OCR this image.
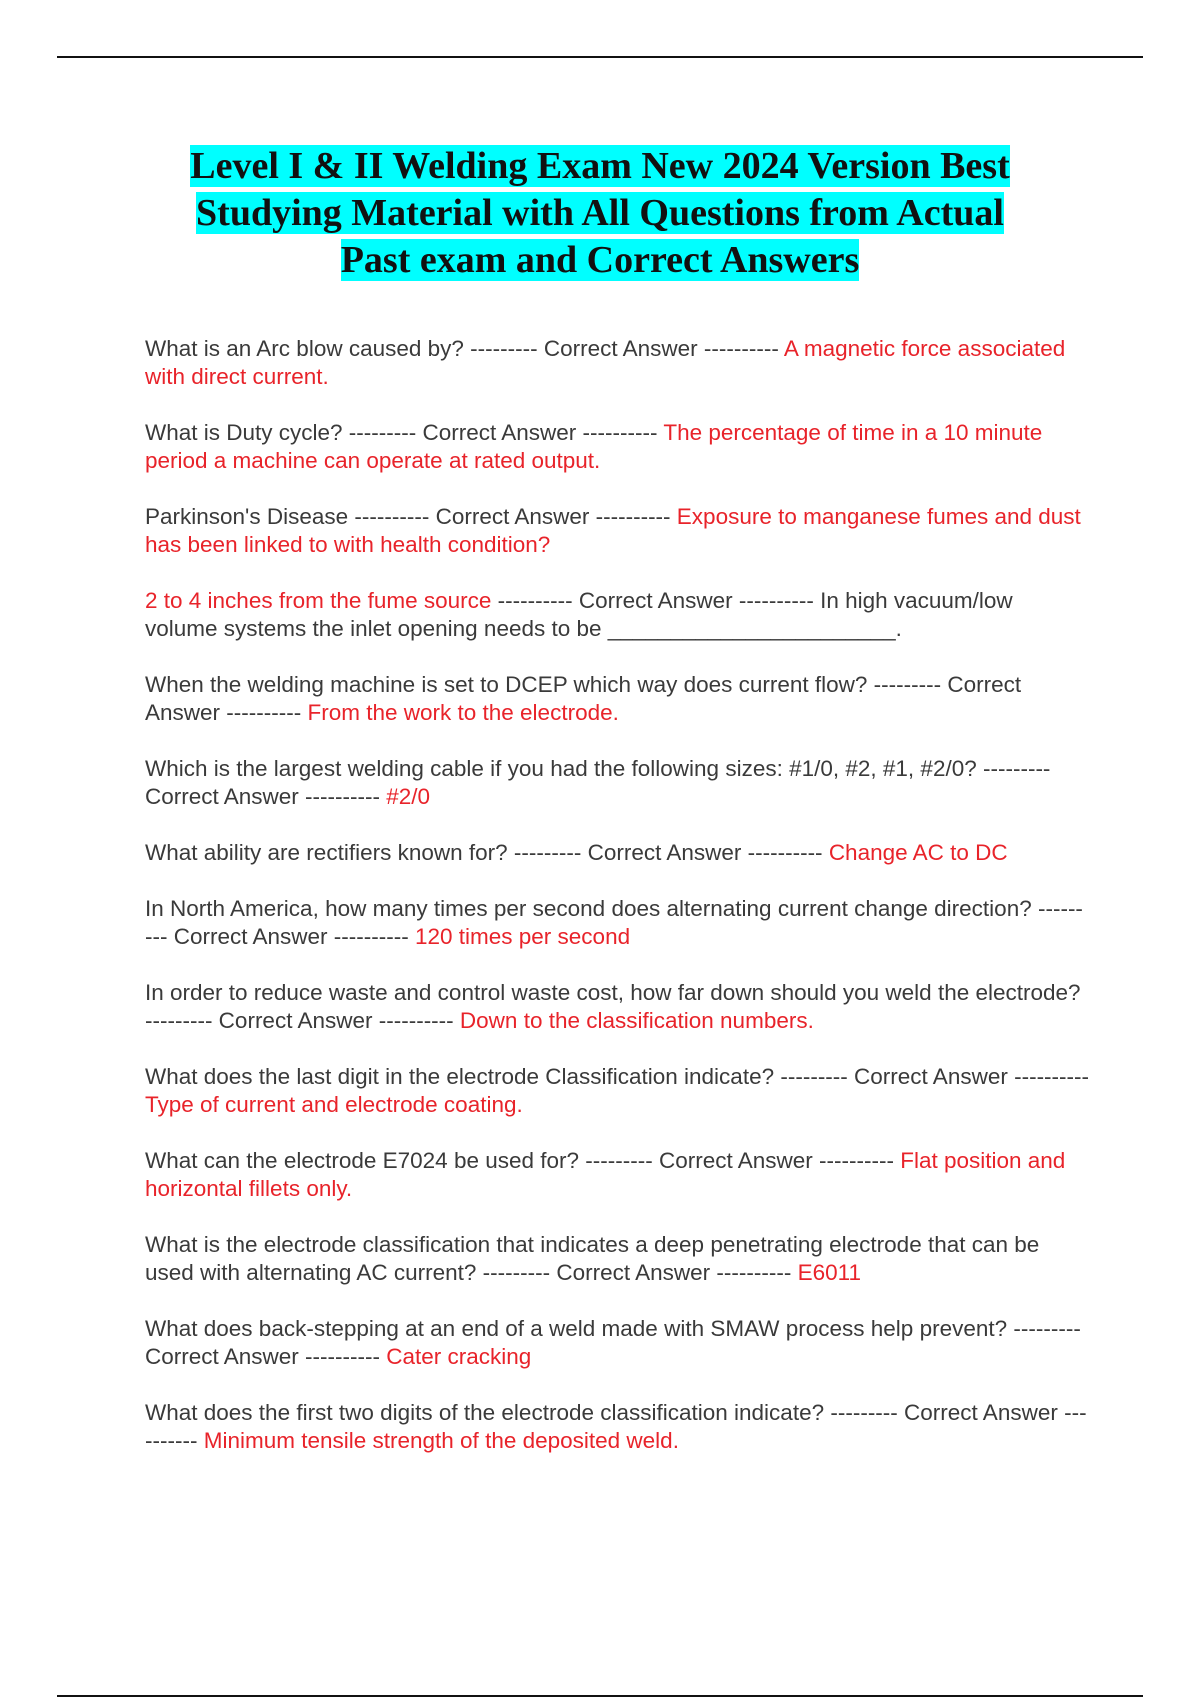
Level I & II Welding Exam New 2024 Version Best
Studying Material with All Questions from Actual
Past exam and Correct Answers
What is an Arc blow caused by? --------- Correct Answer ---------- A magnetic force associated with direct current.
What is Duty cycle? --------- Correct Answer ---------- The percentage of time in a 10 minute period a machine can operate at rated output.
Parkinson's Disease ---------- Correct Answer ---------- Exposure to manganese fumes and dust has been linked to with health condition?
2 to 4 inches from the fume source ---------- Correct Answer ---------- In high vacuum/low volume systems the inlet opening needs to be _______________________.
When the welding machine is set to DCEP which way does current flow? --------- Correct Answer ---------- From the work to the electrode.
Which is the largest welding cable if you had the following sizes: #1/0, #2, #1, #2/0? --------- Correct Answer ---------- #2/0
What ability are rectifiers known for? --------- Correct Answer ---------- Change AC to DC
In North America, how many times per second does alternating current change direction? --------- Correct Answer ---------- 120 times per second
In order to reduce waste and control waste cost, how far down should you weld the electrode? --------- Correct Answer ---------- Down to the classification numbers.
What does the last digit in the electrode Classification indicate? --------- Correct Answer ---------- Type of current and electrode coating.
What can the electrode E7024 be used for? --------- Correct Answer ---------- Flat position and horizontal fillets only.
What is the electrode classification that indicates a deep penetrating electrode that can be used with alternating AC current? --------- Correct Answer ---------- E6011
What does back-stepping at an end of a weld made with SMAW process help prevent? --------- Correct Answer ---------- Cater cracking
What does the first two digits of the electrode classification indicate? --------- Correct Answer ---------- Minimum tensile strength of the deposited weld.
